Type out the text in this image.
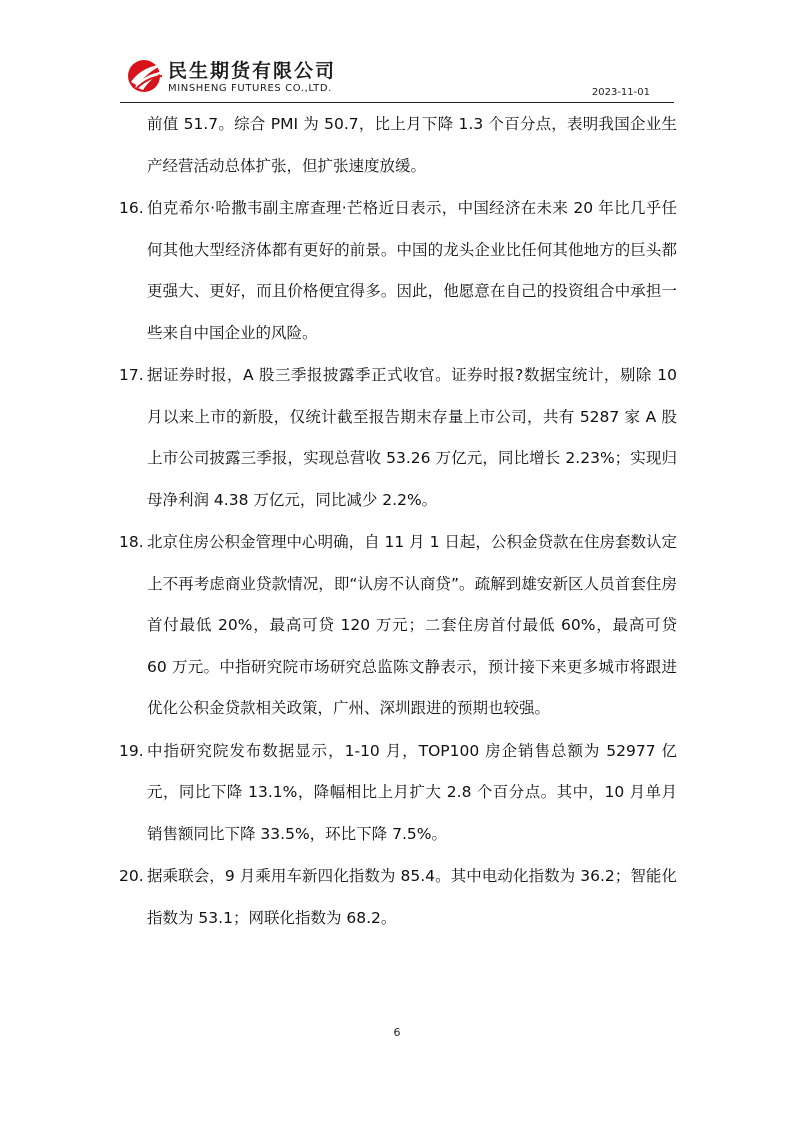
民生期货有限公司
MINSHENG FUTURES CO.,LTD.	2023-11-01

前值 51.7。综合 PMI 为 50.7，比上月下降 1.3 个百分点，表明我国企业生产经营活动总体扩张，但扩张速度放缓。

16. 伯克希尔·哈撒韦副主席查理·芒格近日表示，中国经济在未来 20 年比几乎任何其他大型经济体都有更好的前景。中国的龙头企业比任何其他地方的巨头都更强大、更好，而且价格便宜得多。因此，他愿意在自己的投资组合中承担一些来自中国企业的风险。
17. 据证券时报，A 股三季报披露季正式收官。证券时报?数据宝统计，剔除 10 月以来上市的新股，仅统计截至报告期末存量上市公司，共有 5287 家 A 股上市公司披露三季报，实现总营收 53.26 万亿元，同比增长 2.23%；实现归母净利润 4.38 万亿元，同比减少 2.2%。
18. 北京住房公积金管理中心明确，自 11 月 1 日起，公积金贷款在住房套数认定上不再考虑商业贷款情况，即“认房不认商贷”。疏解到雄安新区人员首套住房首付最低 20%，最高可贷 120 万元；二套住房首付最低 60%，最高可贷 60 万元。中指研究院市场研究总监陈文静表示，预计接下来更多城市将跟进优化公积金贷款相关政策，广州、深圳跟进的预期也较强。
19. 中指研究院发布数据显示，1-10 月，TOP100 房企销售总额为 52977 亿元，同比下降 13.1%，降幅相比上月扩大 2.8 个百分点。其中，10 月单月销售额同比下降 33.5%，环比下降 7.5%。
20. 据乘联会，9 月乘用车新四化指数为 85.4。其中电动化指数为 36.2；智能化指数为 53.1；网联化指数为 68.2。
6
